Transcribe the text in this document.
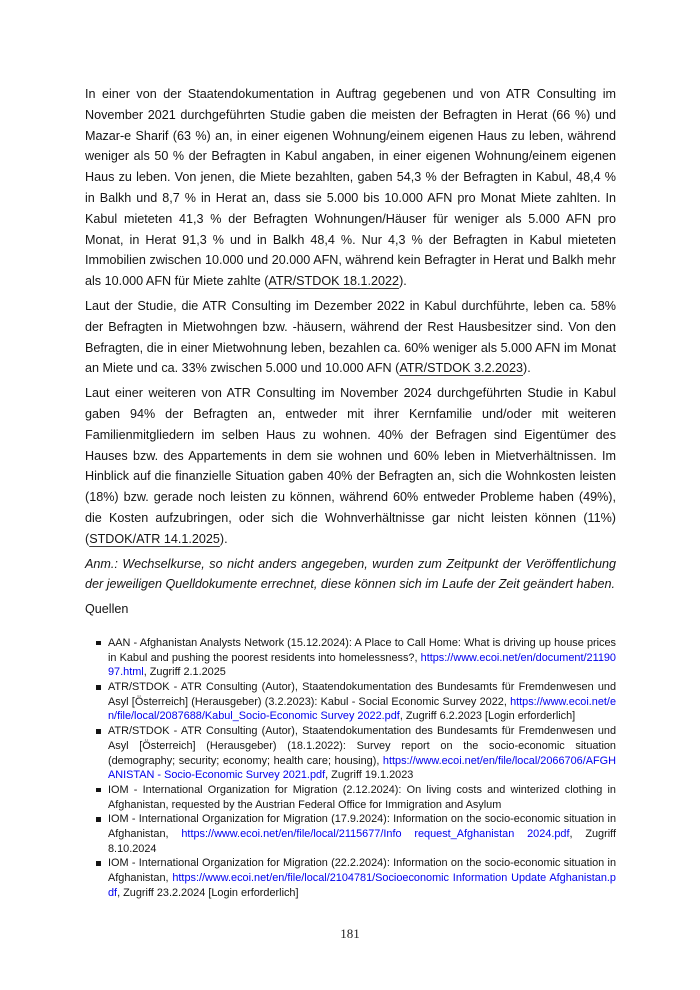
In einer von der Staatendokumentation in Auftrag gegebenen und von ATR Consulting im November 2021 durchgeführten Studie gaben die meisten der Befragten in Herat (66 %) und Mazar-e Sharif (63 %) an, in einer eigenen Wohnung/einem eigenen Haus zu leben, während weniger als 50 % der Befragten in Kabul angaben, in einer eigenen Wohnung/einem eigenen Haus zu leben. Von jenen, die Miete bezahlten, gaben 54,3 % der Befragten in Kabul, 48,4 % in Balkh und 8,7 % in Herat an, dass sie 5.000 bis 10.000 AFN pro Monat Miete zahlten. In Kabul mieteten 41,3 % der Befragten Wohnungen/Häuser für weniger als 5.000 AFN pro Monat, in Herat 91,3 % und in Balkh 48,4 %. Nur 4,3 % der Befragten in Kabul mieteten Immobilien zwischen 10.000 und 20.000 AFN, während kein Befragter in Herat und Balkh mehr als 10.000 AFN für Miete zahlte (ATR/STDOK 18.1.2022).

Laut der Studie, die ATR Consulting im Dezember 2022 in Kabul durchführte, leben ca. 58% der Befragten in Mietwohngen bzw. -häusern, während der Rest Hausbesitzer sind. Von den Befragten, die in einer Mietwohnung leben, bezahlen ca. 60% weniger als 5.000 AFN im Monat an Miete und ca. 33% zwischen 5.000 und 10.000 AFN (ATR/STDOK 3.2.2023).

Laut einer weiteren von ATR Consulting im November 2024 durchgeführten Studie in Kabul gaben 94% der Befragten an, entweder mit ihrer Kernfamilie und/oder mit weiteren Familienmitgliedern im selben Haus zu wohnen. 40% der Befragen sind Eigentümer des Hauses bzw. des Appartements in dem sie wohnen und 60% leben in Mietverhältnissen. Im Hinblick auf die finanzielle Situation gaben 40% der Befragten an, sich die Wohnkosten leisten (18%) bzw. gerade noch leisten zu können, während 60% entweder Probleme haben (49%), die Kosten aufzubringen, oder sich die Wohnverhältnisse gar nicht leisten können (11%) (STDOK/ATR 14.1.2025).

Anm.: Wechselkurse, so nicht anders angegeben, wurden zum Zeitpunkt der Veröffentlichung der jeweiligen Quelldokumente errechnet, diese können sich im Laufe der Zeit geändert haben.

Quellen

AAN - Afghanistan Analysts Network (15.12.2024): A Place to Call Home: What is driving up house prices in Kabul and pushing the poorest residents into homelessness?, https://www.ecoi.net/en/document/2119097.html, Zugriff 2.1.2025
ATR/STDOK - ATR Consulting (Autor), Staatendokumentation des Bundesamts für Fremdenwesen und Asyl [Österreich] (Herausgeber) (3.2.2023): Kabul - Social Economic Survey 2022, https://www.ecoi.net/en/file/local/2087688/Kabul_Socio-Economic Survey 2022.pdf, Zugriff 6.2.2023 [Login erforderlich]
ATR/STDOK - ATR Consulting (Autor), Staatendokumentation des Bundesamts für Fremdenwesen und Asyl [Österreich] (Herausgeber) (18.1.2022): Survey report on the socio-economic situation (demography; security; economy; health care; housing), https://www.ecoi.net/en/file/local/2066706/AFGHANISTAN - Socio-Economic Survey 2021.pdf, Zugriff 19.1.2023
IOM - International Organization for Migration (2.12.2024): On living costs and winterized clothing in Afghanistan, requested by the Austrian Federal Office for Immigration and Asylum
IOM - International Organization for Migration (17.9.2024): Information on the socio-economic situation in Afghanistan, https://www.ecoi.net/en/file/local/2115677/Info request_Afghanistan 2024.pdf, Zugriff 8.10.2024
IOM - International Organization for Migration (22.2.2024): Information on the socio-economic situation in Afghanistan, https://www.ecoi.net/en/file/local/2104781/Socioeconomic Information Update Afghanistan.pdf, Zugriff 23.2.2024 [Login erforderlich]
181
